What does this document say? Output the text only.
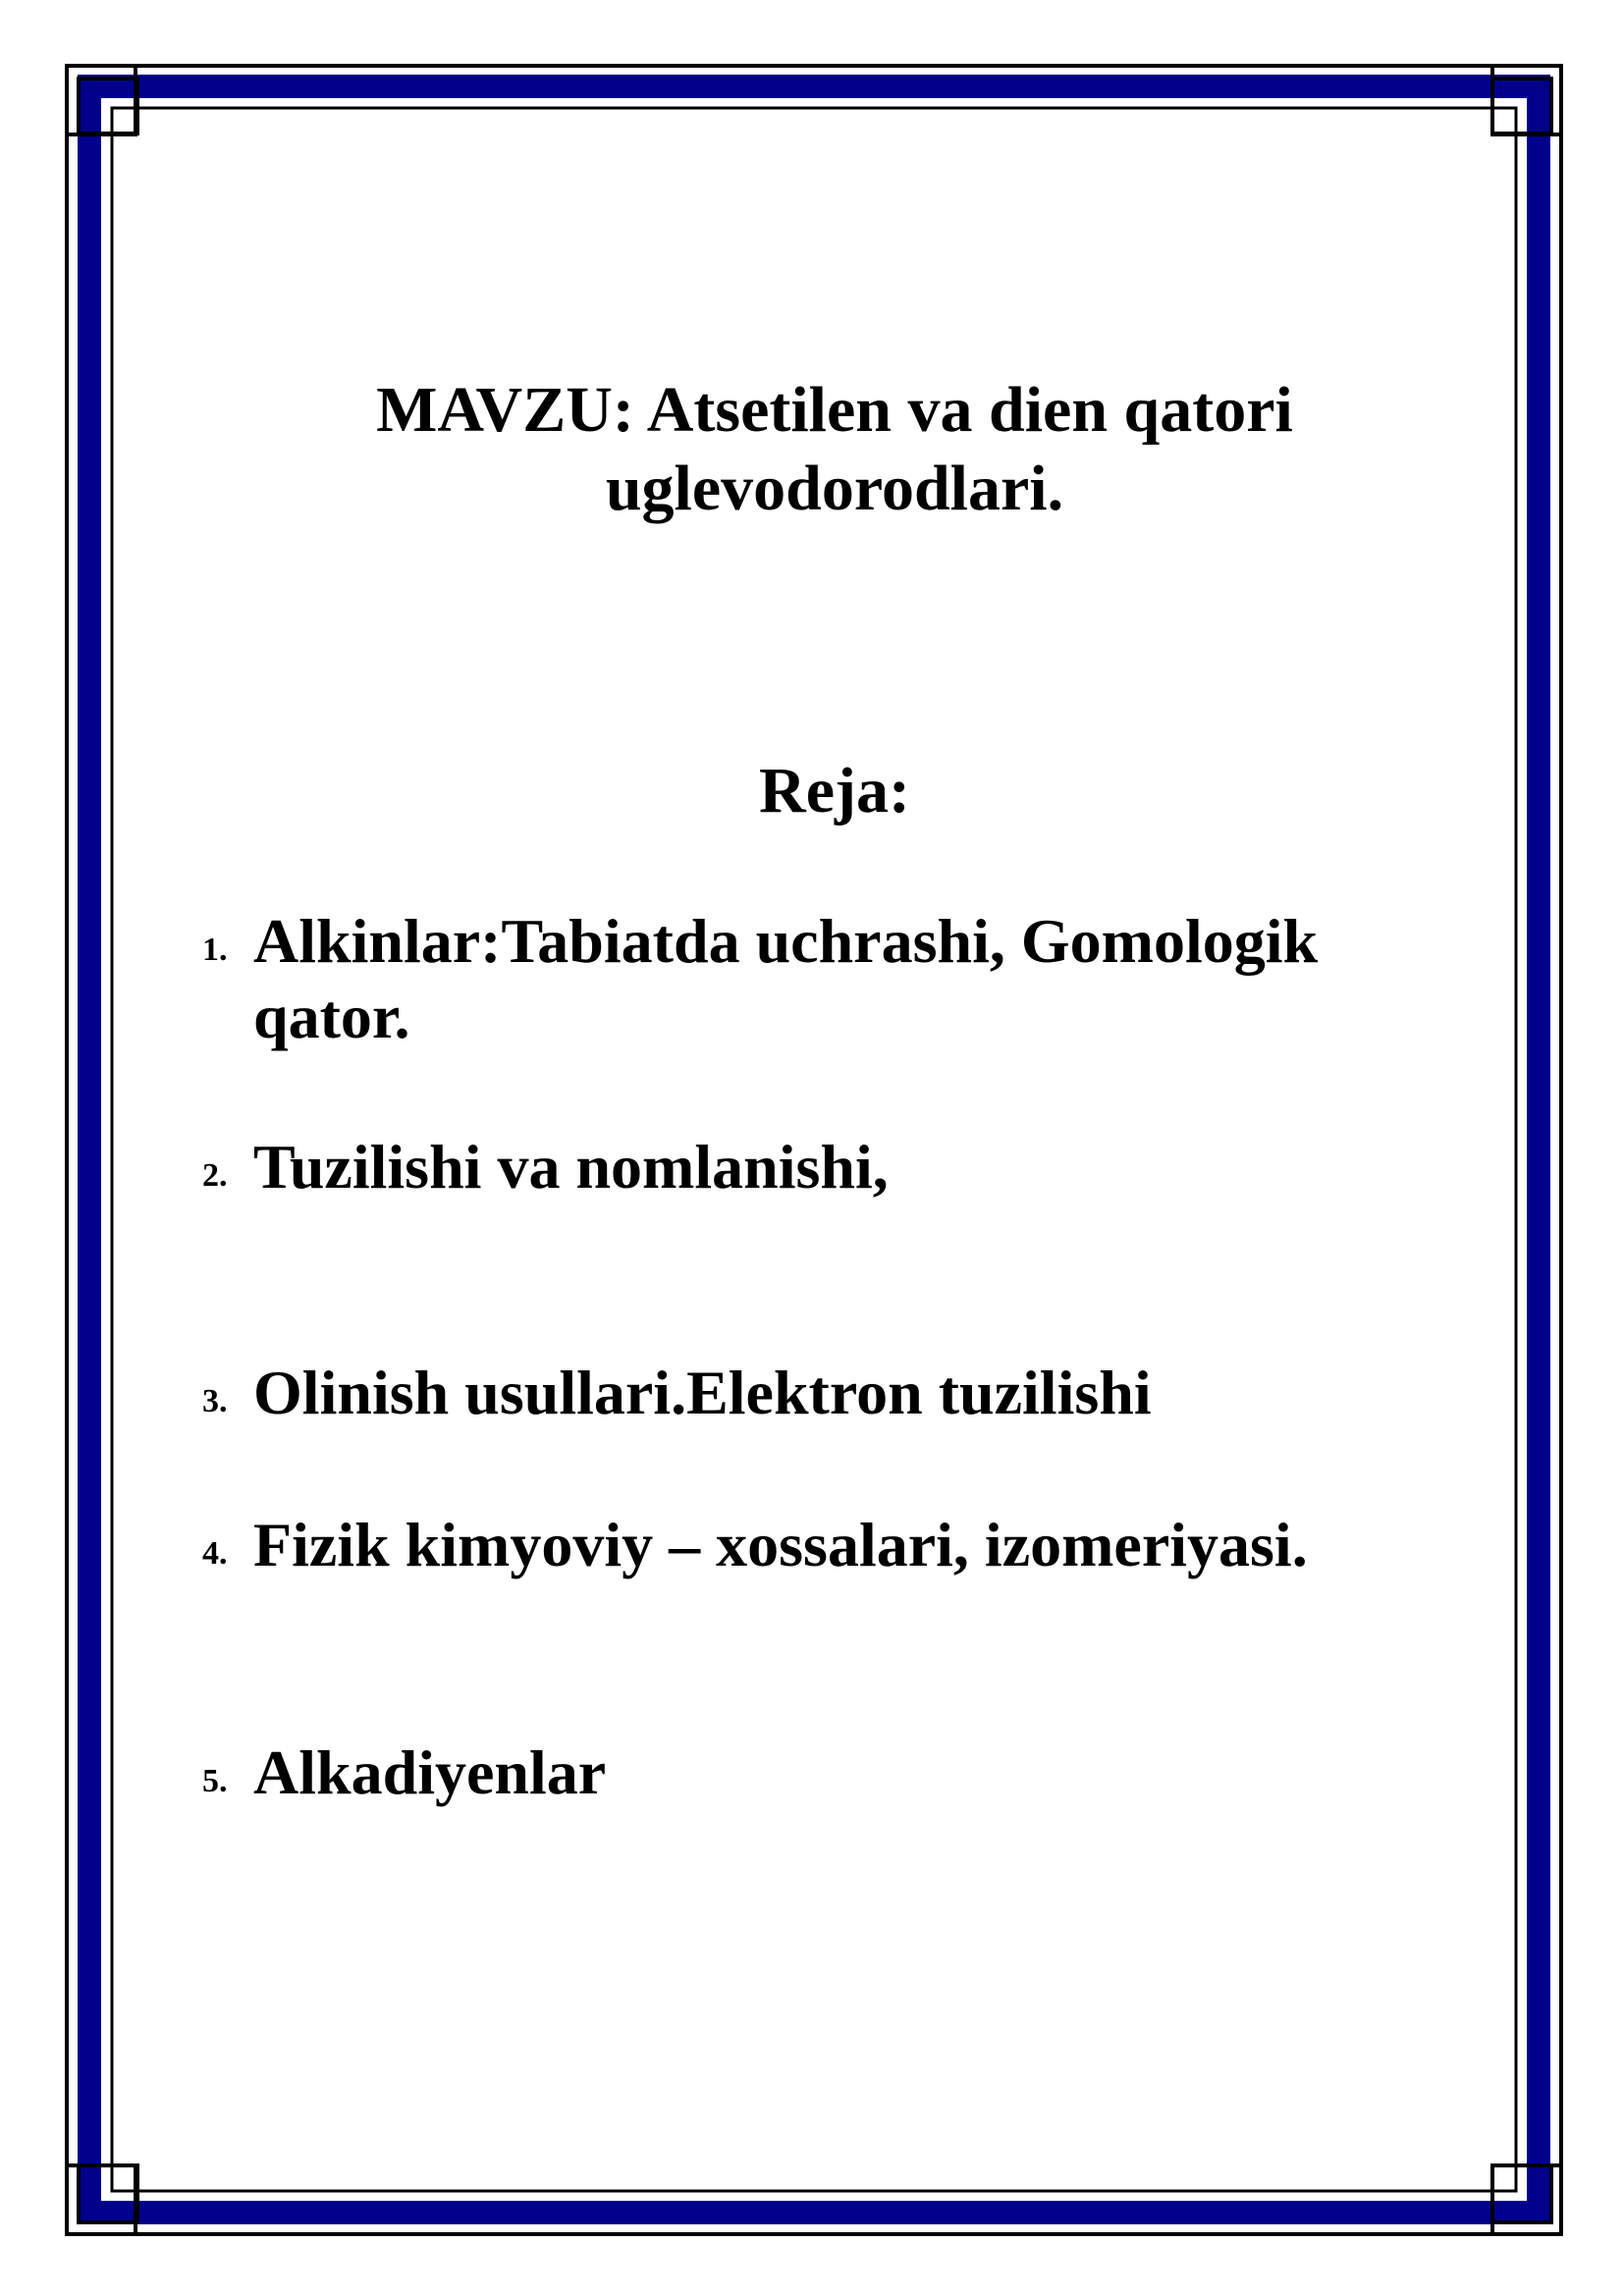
MAVZU: Atsetilen va dien qatori
uglevodorodlari.
Reja:
1. Alkinlar:Tabiatda uchrashi, Gomologik qator.
2. Tuzilishi va nomlanishi,
3. Olinish usullari.Elektron tuzilishi
4. Fizik kimyoviy – xossalari, izomeriyasi.
5. Alkadiyenlar
